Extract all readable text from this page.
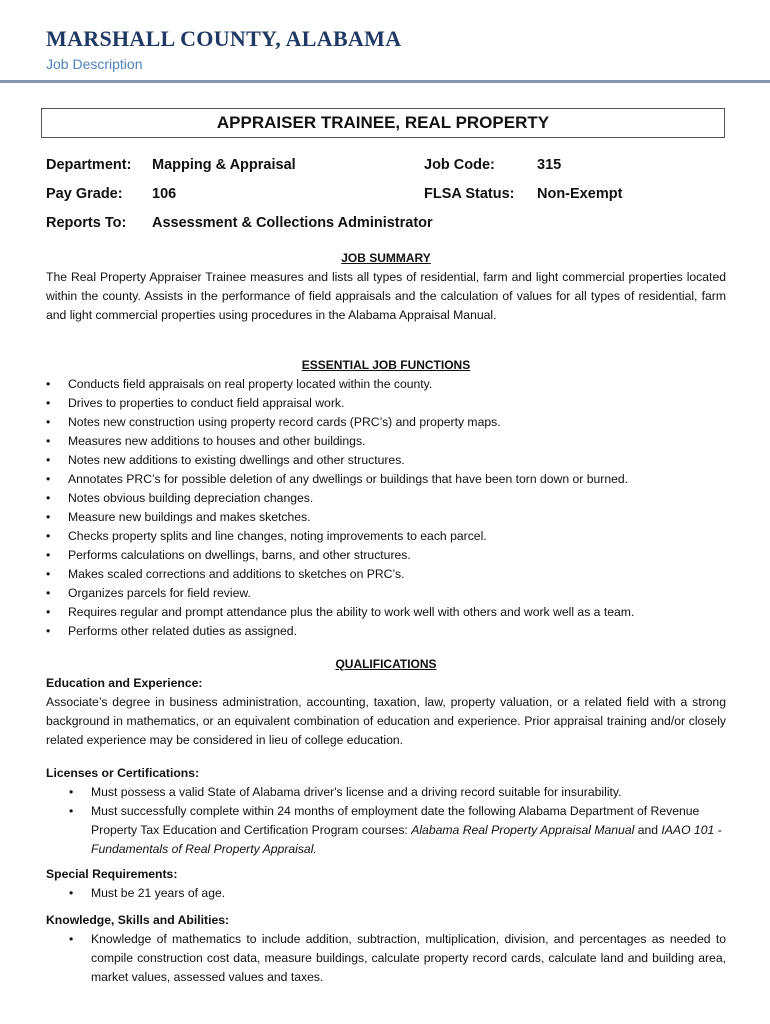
MARSHALL COUNTY, ALABAMA
Job Description
APPRAISER TRAINEE, REAL PROPERTY
Department: Mapping & Appraisal	Job Code:	315
Pay Grade: 106	FLSA Status: Non-Exempt
Reports To: Assessment & Collections Administrator
JOB SUMMARY
The Real Property Appraiser Trainee measures and lists all types of residential, farm and light commercial properties located within the county. Assists in the performance of field appraisals and the calculation of values for all types of residential, farm and light commercial properties using procedures in the Alabama Appraisal Manual.
ESSENTIAL JOB FUNCTIONS
• Conducts field appraisals on real property located within the county.
• Drives to properties to conduct field appraisal work.
• Notes new construction using property record cards (PRC’s) and property maps.
• Measures new additions to houses and other buildings.
• Notes new additions to existing dwellings and other structures.
• Annotates PRC’s for possible deletion of any dwellings or buildings that have been torn down or burned.
• Notes obvious building depreciation changes.
• Measure new buildings and makes sketches.
• Checks property splits and line changes, noting improvements to each parcel.
• Performs calculations on dwellings, barns, and other structures.
• Makes scaled corrections and additions to sketches on PRC’s.
• Organizes parcels for field review.
• Requires regular and prompt attendance plus the ability to work well with others and work well as a team.
• Performs other related duties as assigned.
QUALIFICATIONS
Education and Experience:
Associate’s degree in business administration, accounting, taxation, law, property valuation, or a related field with a strong background in mathematics, or an equivalent combination of education and experience. Prior appraisal training and/or closely related experience may be considered in lieu of college education.
Licenses or Certifications:
• Must possess a valid State of Alabama driver's license and a driving record suitable for insurability.
• Must successfully complete within 24 months of employment date the following Alabama Department of Revenue Property Tax Education and Certification Program courses: Alabama Real Property Appraisal Manual and IAAO 101 - Fundamentals of Real Property Appraisal.
Special Requirements:
• Must be 21 years of age.
Knowledge, Skills and Abilities:
• Knowledge of mathematics to include addition, subtraction, multiplication, division, and percentages as needed to compile construction cost data, measure buildings, calculate property record cards, calculate land and building area, market values, assessed values and taxes.
